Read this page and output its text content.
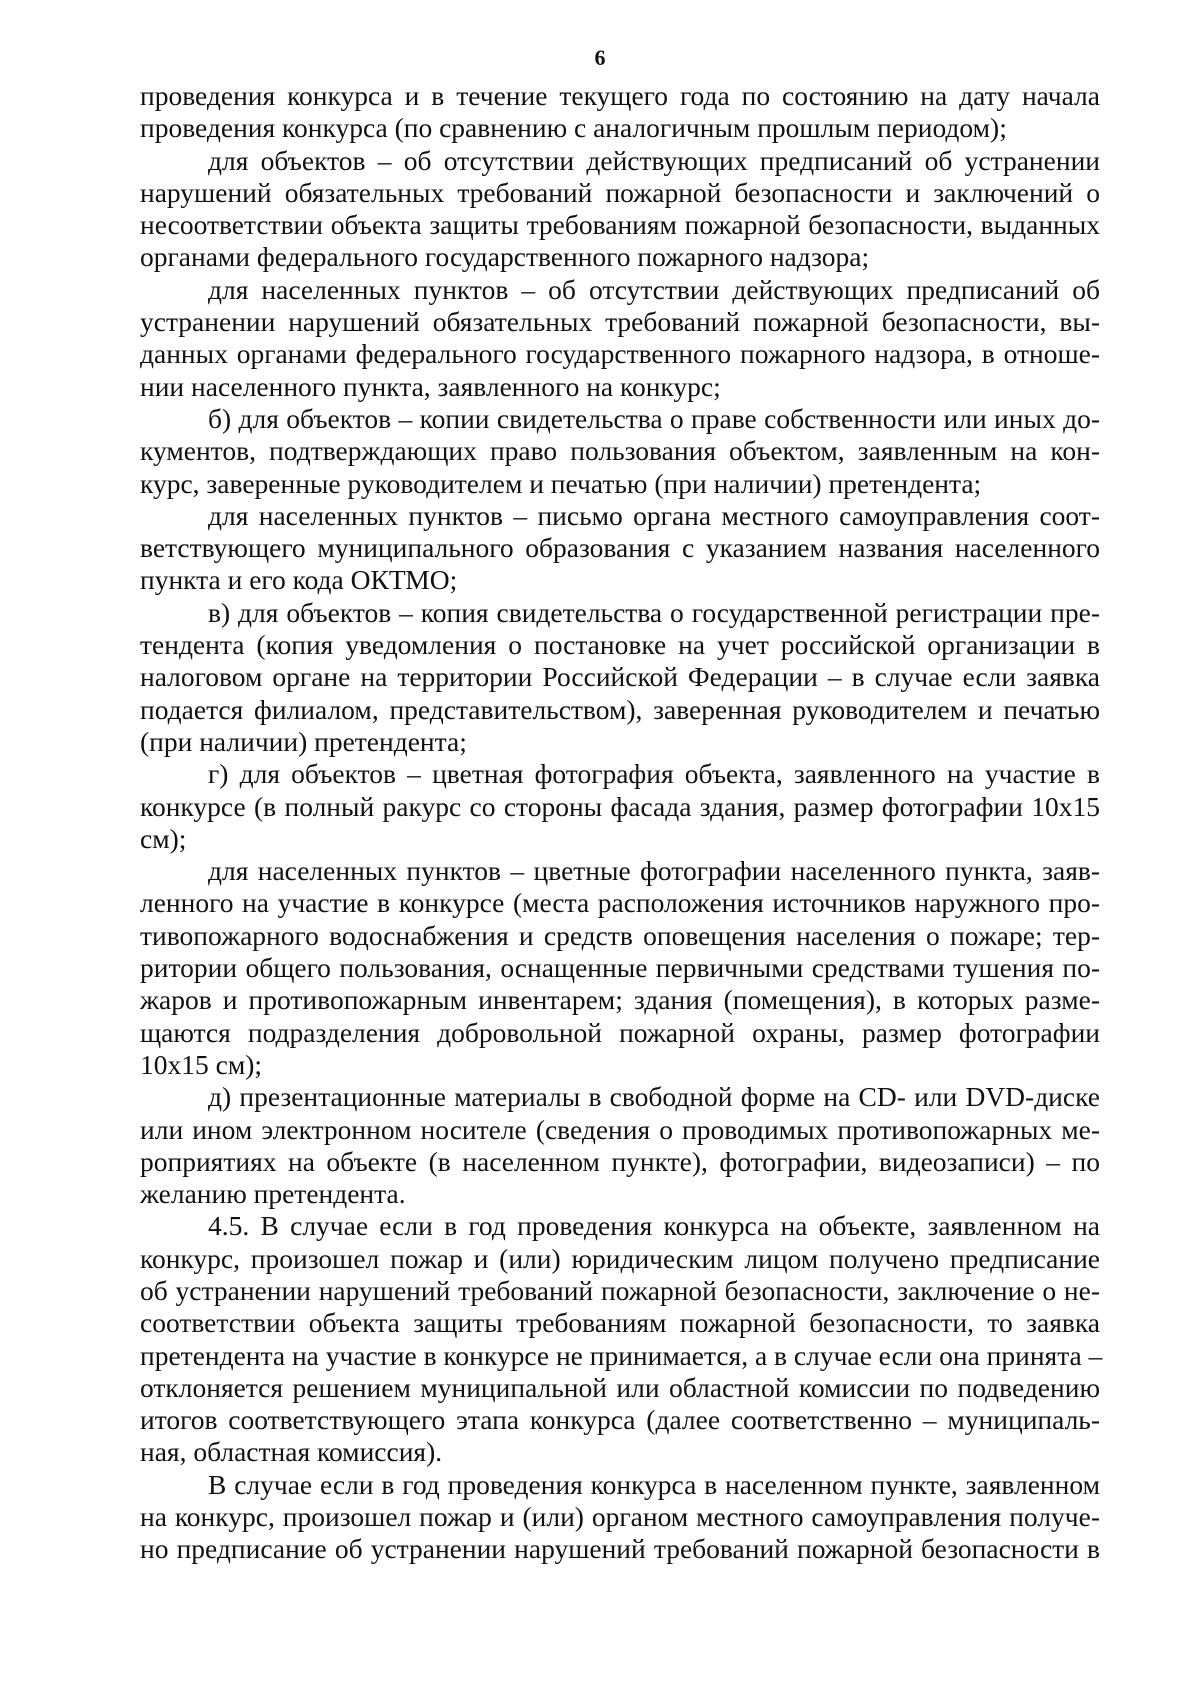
6
проведения конкурса и в течение текущего года по состоянию на дату начала
проведения конкурса (по сравнению с аналогичным прошлым периодом);
для объектов – об отсутствии действующих предписаний об устранении
нарушений обязательных требований пожарной безопасности и заключений о
несоответствии объекта защиты требованиям пожарной безопасности, выданных
органами федерального государственного пожарного надзора;
для населенных пунктов – об отсутствии действующих предписаний об
устранении нарушений обязательных требований пожарной безопасности, вы-
данных органами федерального государственного пожарного надзора, в отноше-
нии населенного пункта, заявленного на конкурс;
б) для объектов – копии свидетельства о праве собственности или иных до-
кументов, подтверждающих право пользования объектом, заявленным на кон-
курс, заверенные руководителем и печатью (при наличии) претендента;
для населенных пунктов – письмо органа местного самоуправления соот-
ветствующего муниципального образования с указанием названия населенного
пункта и его кода ОКТМО;
в) для объектов – копия свидетельства о государственной регистрации пре-
тендента (копия уведомления о постановке на учет российской организации в
налоговом органе на территории Российской Федерации – в случае если заявка
подается филиалом, представительством), заверенная руководителем и печатью
(при наличии) претендента;
г) для объектов – цветная фотография объекта, заявленного на участие в
конкурсе (в полный ракурс со стороны фасада здания, размер фотографии 10х15
см);
для населенных пунктов – цветные фотографии населенного пункта, заяв-
ленного на участие в конкурсе (места расположения источников наружного про-
тивопожарного водоснабжения и средств оповещения населения о пожаре; тер-
ритории общего пользования, оснащенные первичными средствами тушения по-
жаров и противопожарным инвентарем; здания (помещения), в которых разме-
щаются подразделения добровольной пожарной охраны, размер фотографии
10х15 см);
д) презентационные материалы в свободной форме на CD- или DVD-диске
или ином электронном носителе (сведения о проводимых противопожарных ме-
роприятиях на объекте (в населенном пункте), фотографии, видеозаписи) – по
желанию претендента.
4.5. В случае если в год проведения конкурса на объекте, заявленном на
конкурс, произошел пожар и (или) юридическим лицом получено предписание
об устранении нарушений требований пожарной безопасности, заключение о не-
соответствии объекта защиты требованиям пожарной безопасности, то заявка
претендента на участие в конкурсе не принимается, а в случае если она принята –
отклоняется решением муниципальной или областной комиссии по подведению
итогов соответствующего этапа конкурса (далее соответственно – муниципаль-
ная, областная комиссия).
В случае если в год проведения конкурса в населенном пункте, заявленном
на конкурс, произошел пожар и (или) органом местного самоуправления получе-
но предписание об устранении нарушений требований пожарной безопасности в
